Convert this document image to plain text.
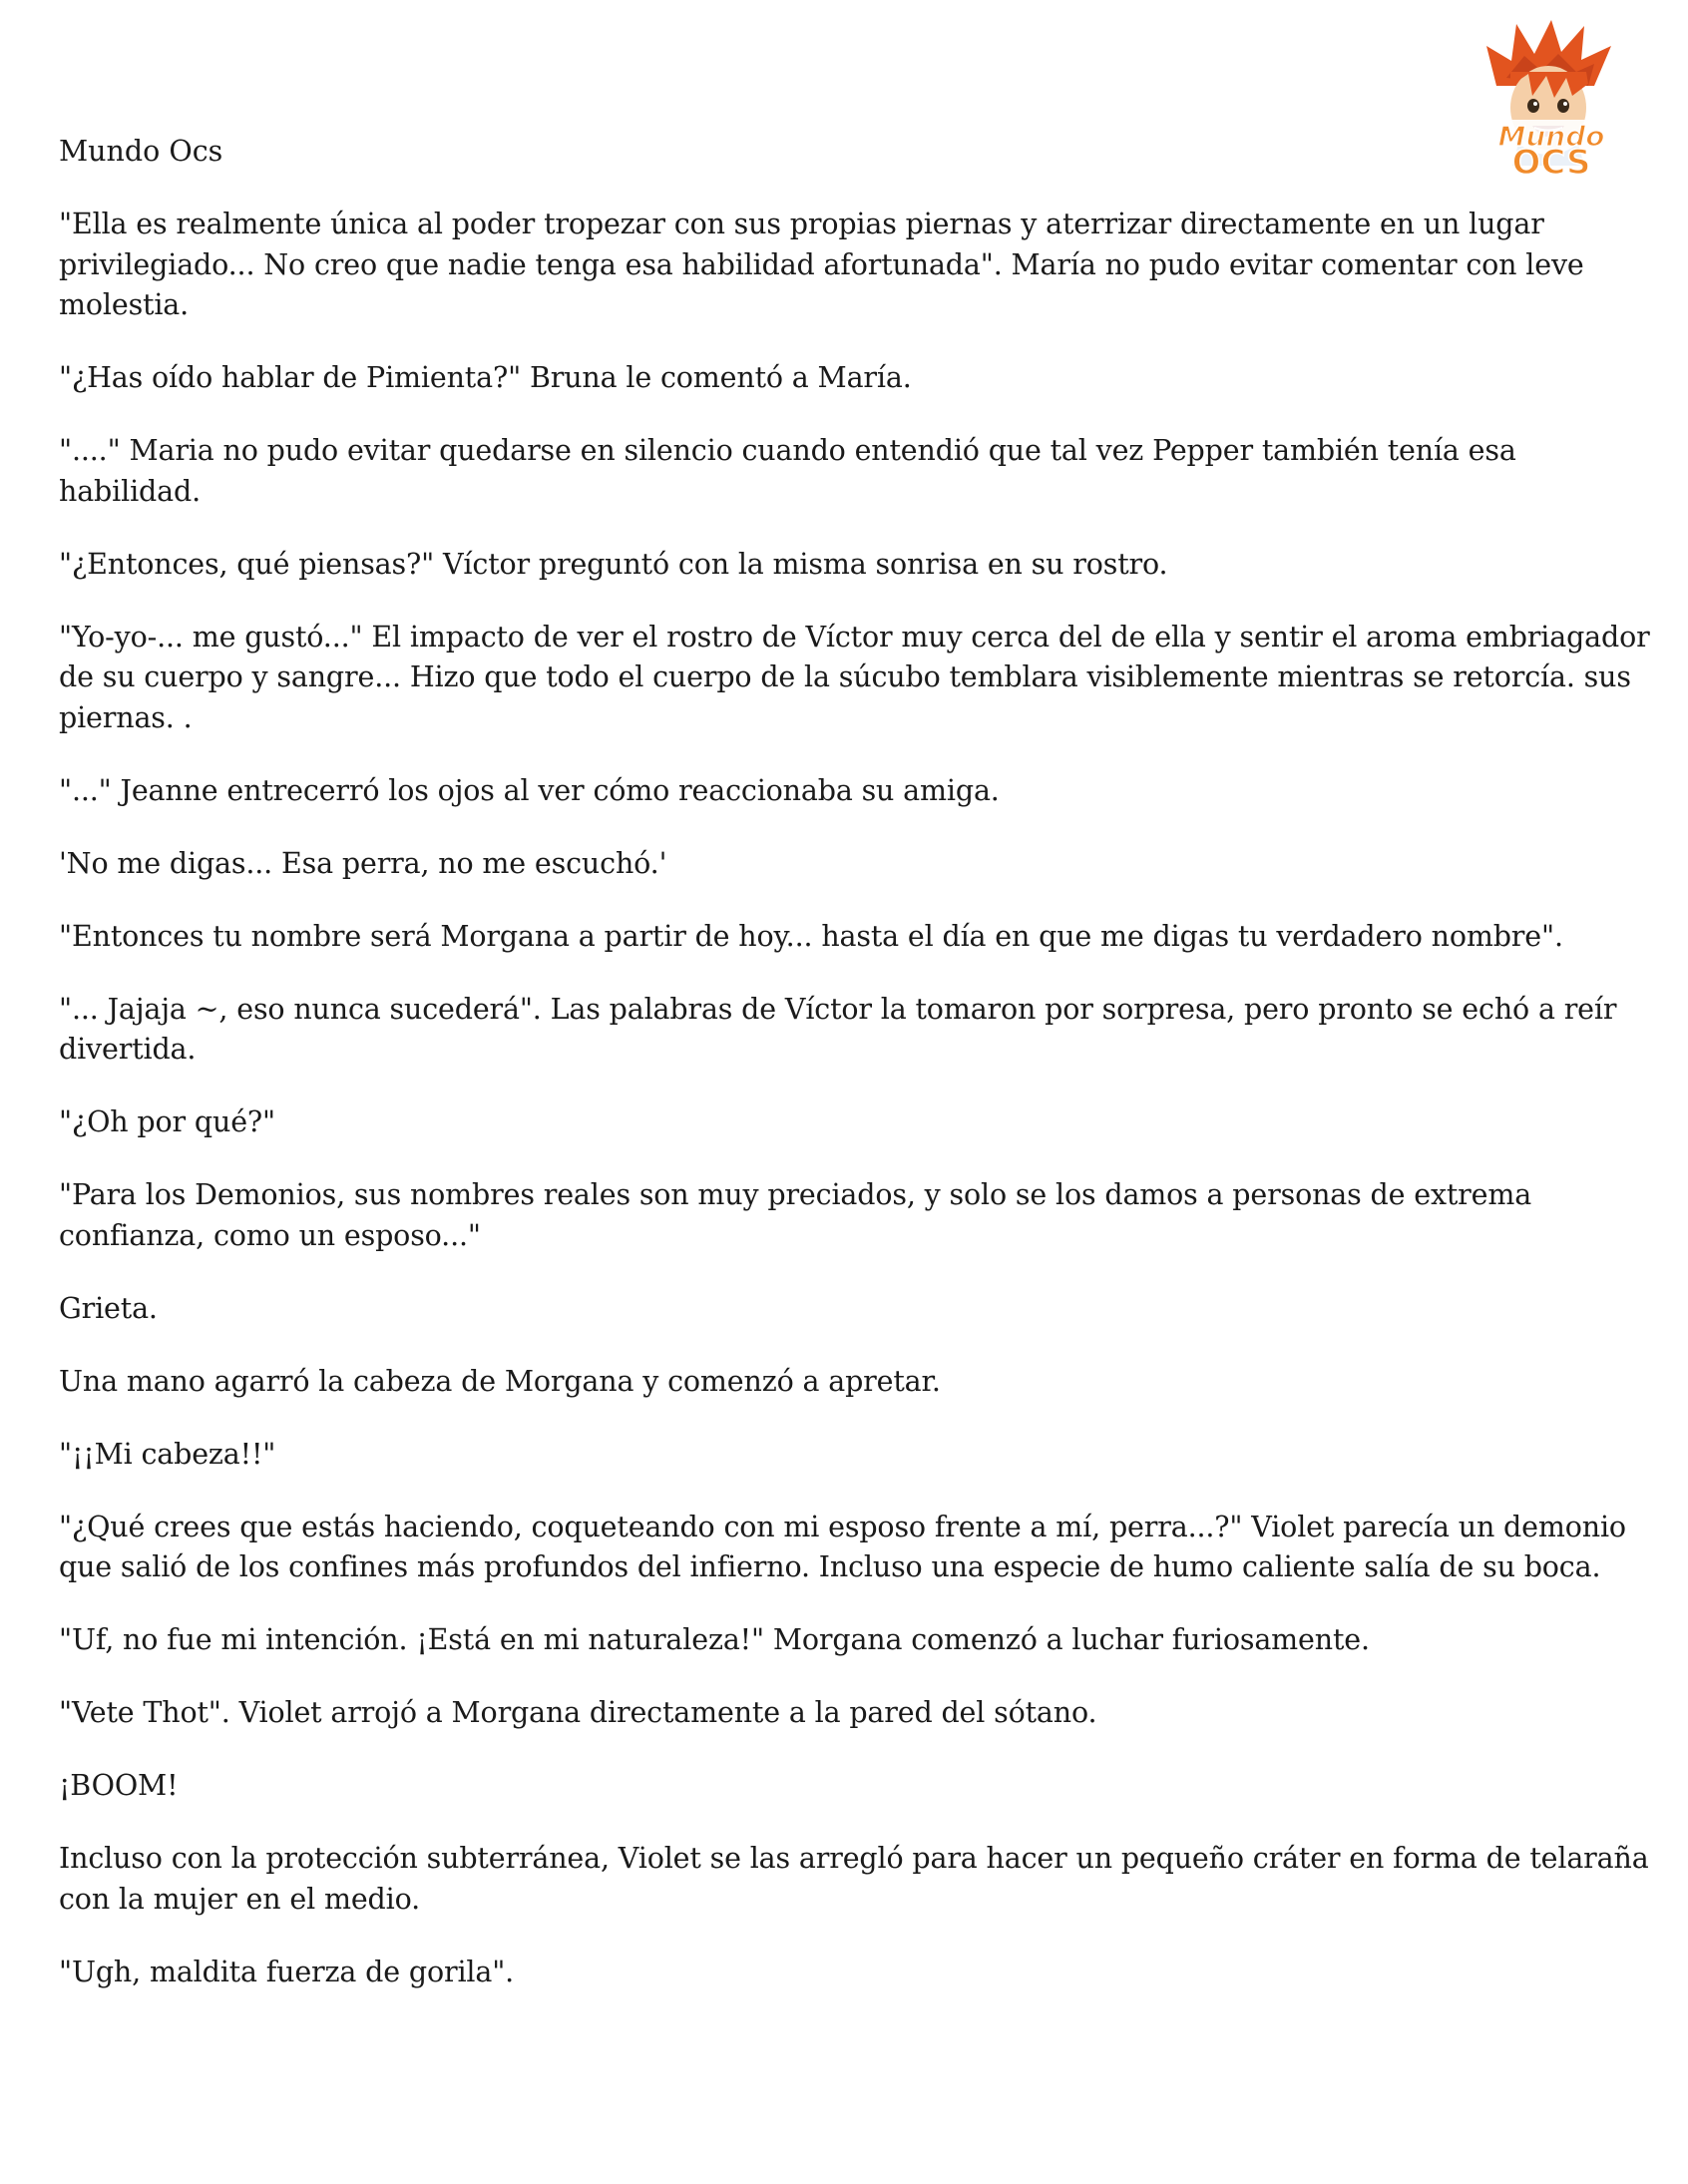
Mundo
OCS
Mundo Ocs

"Ella es realmente única al poder tropezar con sus propias piernas y aterrizar directamente en un lugar privilegiado... No creo que nadie tenga esa habilidad afortunada". María no pudo evitar comentar con leve molestia.

"¿Has oído hablar de Pimienta?" Bruna le comentó a María.

"...." Maria no pudo evitar quedarse en silencio cuando entendió que tal vez Pepper también tenía esa habilidad.

"¿Entonces, qué piensas?" Víctor preguntó con la misma sonrisa en su rostro.

"Yo-yo-... me gustó..." El impacto de ver el rostro de Víctor muy cerca del de ella y sentir el aroma embriagador de su cuerpo y sangre... Hizo que todo el cuerpo de la súcubo temblara visiblemente mientras se retorcía. sus piernas. .

"..." Jeanne entrecerró los ojos al ver cómo reaccionaba su amiga.

'No me digas... Esa perra, no me escuchó.'

"Entonces tu nombre será Morgana a partir de hoy... hasta el día en que me digas tu verdadero nombre".

"... Jajaja ~, eso nunca sucederá". Las palabras de Víctor la tomaron por sorpresa, pero pronto se echó a reír divertida.

"¿Oh por qué?"

"Para los Demonios, sus nombres reales son muy preciados, y solo se los damos a personas de extrema confianza, como un esposo..."

Grieta.

Una mano agarró la cabeza de Morgana y comenzó a apretar.

"¡¡Mi cabeza!!"

"¿Qué crees que estás haciendo, coqueteando con mi esposo frente a mí, perra...?" Violet parecía un demonio que salió de los confines más profundos del infierno. Incluso una especie de humo caliente salía de su boca.

"Uf, no fue mi intención. ¡Está en mi naturaleza!" Morgana comenzó a luchar furiosamente.

"Vete Thot". Violet arrojó a Morgana directamente a la pared del sótano.

¡BOOM!

Incluso con la protección subterránea, Violet se las arregló para hacer un pequeño cráter en forma de telaraña con la mujer en el medio.

"Ugh, maldita fuerza de gorila".
